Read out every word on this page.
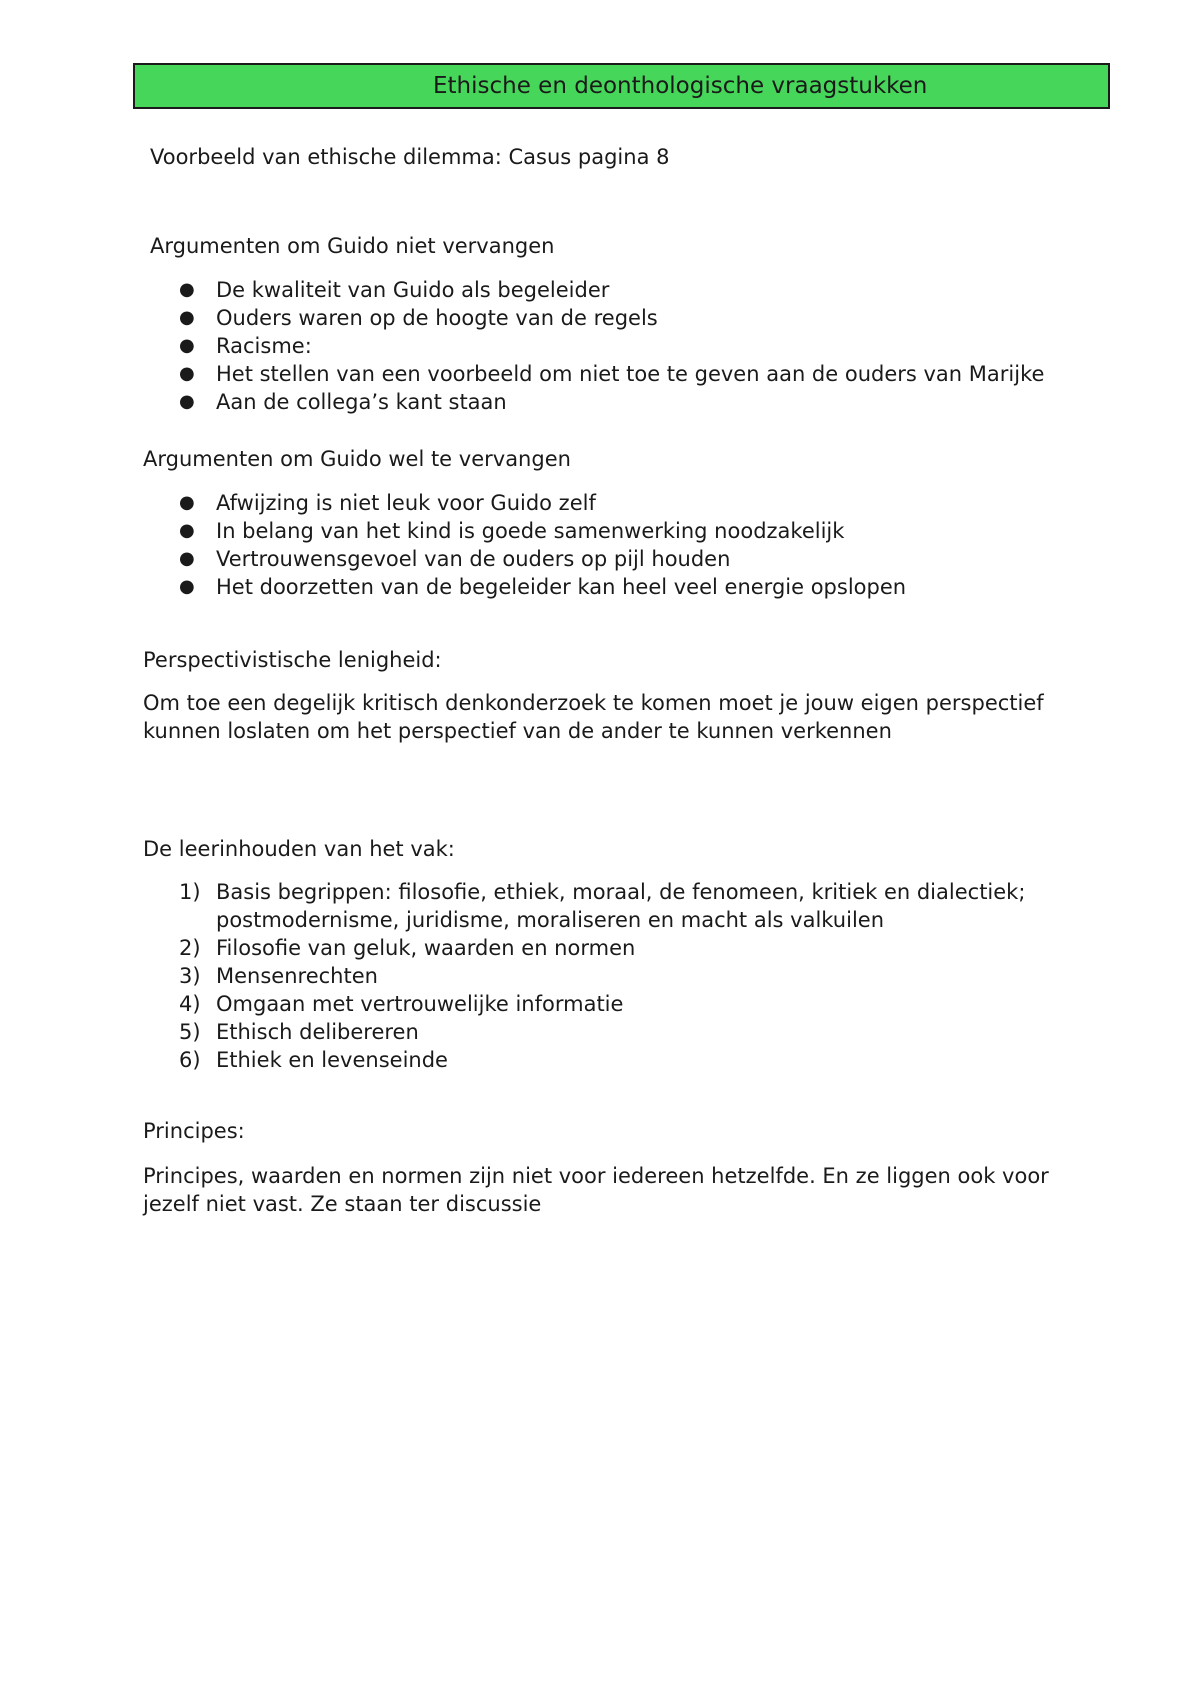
Ethische en deonthologische vraagstukken
Voorbeeld van ethische dilemma: Casus pagina 8
Argumenten om Guido niet vervangen
● De kwaliteit van Guido als begeleider
● Ouders waren op de hoogte van de regels
● Racisme:
● Het stellen van een voorbeeld om niet toe te geven aan de ouders van Marijke
● Aan de collega’s kant staan
Argumenten om Guido wel te vervangen
● Afwijzing is niet leuk voor Guido zelf
● In belang van het kind is goede samenwerking noodzakelijk
● Vertrouwensgevoel van de ouders op pijl houden
● Het doorzetten van de begeleider kan heel veel energie opslopen
Perspectivistische lenigheid:
Om toe een degelijk kritisch denkonderzoek te komen moet je jouw eigen perspectief kunnen loslaten om het perspectief van de ander te kunnen verkennen
De leerinhouden van het vak:
1) Basis begrippen: filosofie, ethiek, moraal, de fenomeen, kritiek en dialectiek; postmodernisme, juridisme, moraliseren en macht als valkuilen
2) Filosofie van geluk, waarden en normen
3) Mensenrechten
4) Omgaan met vertrouwelijke informatie
5) Ethisch delibereren
6) Ethiek en levenseinde
Principes:
Principes, waarden en normen zijn niet voor iedereen hetzelfde. En ze liggen ook voor jezelf niet vast. Ze staan ter discussie
